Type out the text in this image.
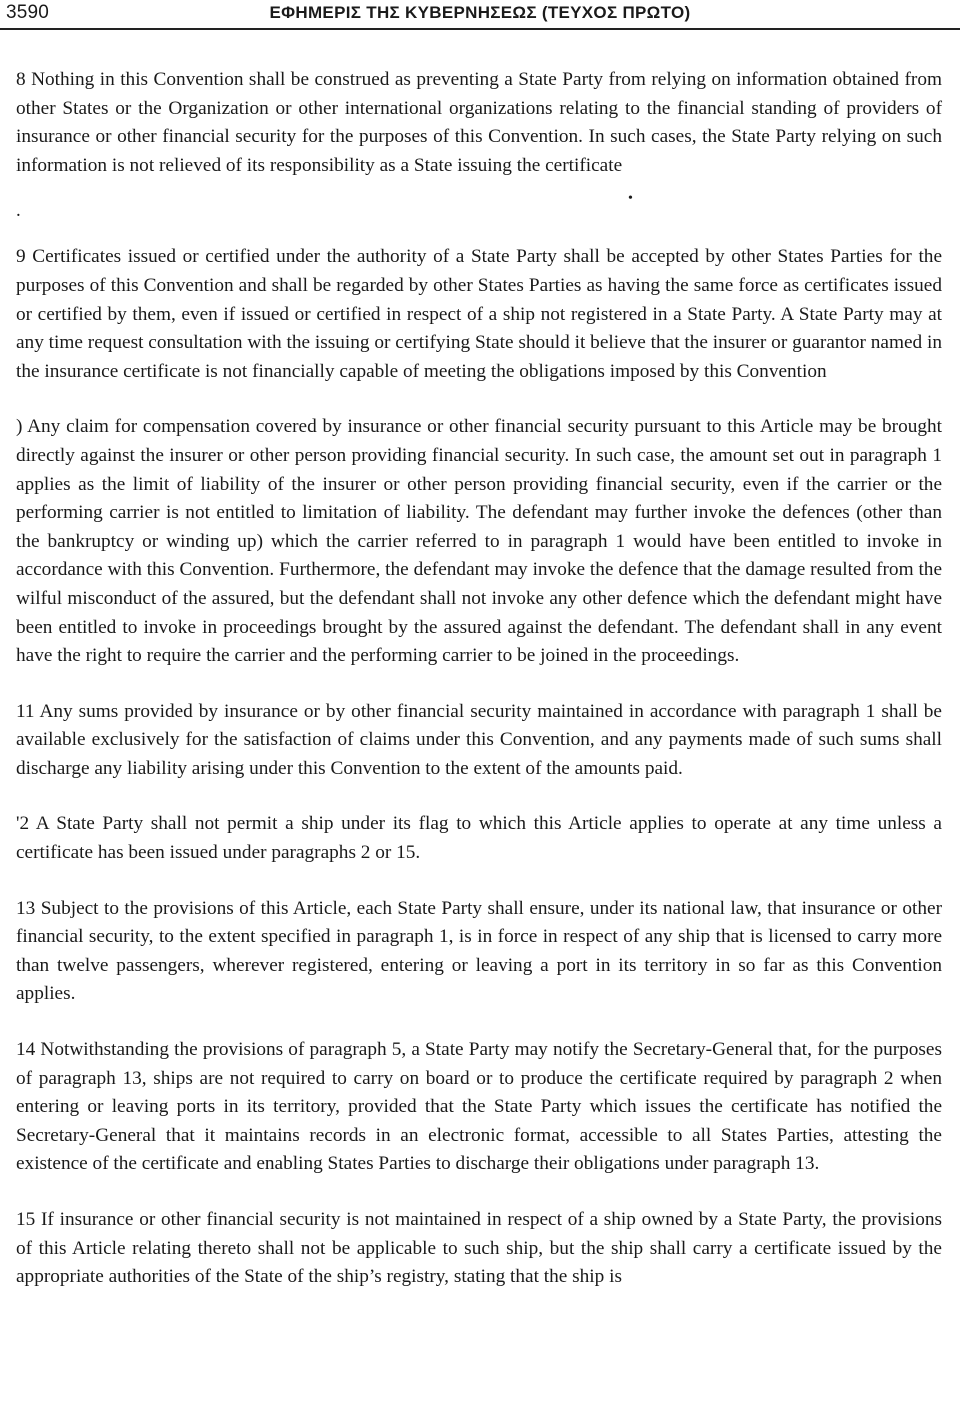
3590	ΕΦΗΜΕΡΙΣ ΤΗΣ ΚΥΒΕΡΝΗΣΕΩΣ (ΤΕΥΧΟΣ ΠΡΩΤΟ)

8 Nothing in this Convention shall be construed as preventing a State Party from relying on information obtained from other States or the Organization or other international organizations relating to the financial standing of providers of insurance or other financial security for the purposes of this Convention. In such cases, the State Party relying on such information is not relieved of its responsibility as a State issuing the certificate

.
•

9 Certificates issued or certified under the authority of a State Party shall be accepted by other States Parties for the purposes of this Convention and shall be regarded by other States Parties as having the same force as certificates issued or certified by them, even if issued or certified in respect of a ship not registered in a State Party. A State Party may at any time request consultation with the issuing or certifying State should it believe that the insurer or guarantor named in the insurance certificate is not financially capable of meeting the obligations imposed by this Convention

) Any claim for compensation covered by insurance or other financial security pursuant to this Article may be brought directly against the insurer or other person providing financial security. In such case, the amount set out in paragraph 1 applies as the limit of liability of the insurer or other person providing financial security, even if the carrier or the performing carrier is not entitled to limitation of liability. The defendant may further invoke the defences (other than the bankruptcy or winding up) which the carrier referred to in paragraph 1 would have been entitled to invoke in accordance with this Convention. Furthermore, the defendant may invoke the defence that the damage resulted from the wilful misconduct of the assured, but the defendant shall not invoke any other defence which the defendant might have been entitled to invoke in proceedings brought by the assured against the defendant. The defendant shall in any event have the right to require the carrier and the performing carrier to be joined in the proceedings.

11 Any sums provided by insurance or by other financial security maintained in accordance with paragraph 1 shall be available exclusively for the satisfaction of claims under this Convention, and any payments made of such sums shall discharge any liability arising under this Convention to the extent of the amounts paid.

'2 A State Party shall not permit a ship under its flag to which this Article applies to operate at any time unless a certificate has been issued under paragraphs 2 or 15.

13 Subject to the provisions of this Article, each State Party shall ensure, under its national law, that insurance or other financial security, to the extent specified in paragraph 1, is in force in respect of any ship that is licensed to carry more than twelve passengers, wherever registered, entering or leaving a port in its territory in so far as this Convention applies.

14 Notwithstanding the provisions of paragraph 5, a State Party may notify the Secretary-General that, for the purposes of paragraph 13, ships are not required to carry on board or to produce the certificate required by paragraph 2 when entering or leaving ports in its territory, provided that the State Party which issues the certificate has notified the Secretary-General that it maintains records in an electronic format, accessible to all States Parties, attesting the existence of the certificate and enabling States Parties to discharge their obligations under paragraph 13.

15 If insurance or other financial security is not maintained in respect of a ship owned by a State Party, the provisions of this Article relating thereto shall not be applicable to such ship, but the ship shall carry a certificate issued by the appropriate authorities of the State of the ship’s registry, stating that the ship is
